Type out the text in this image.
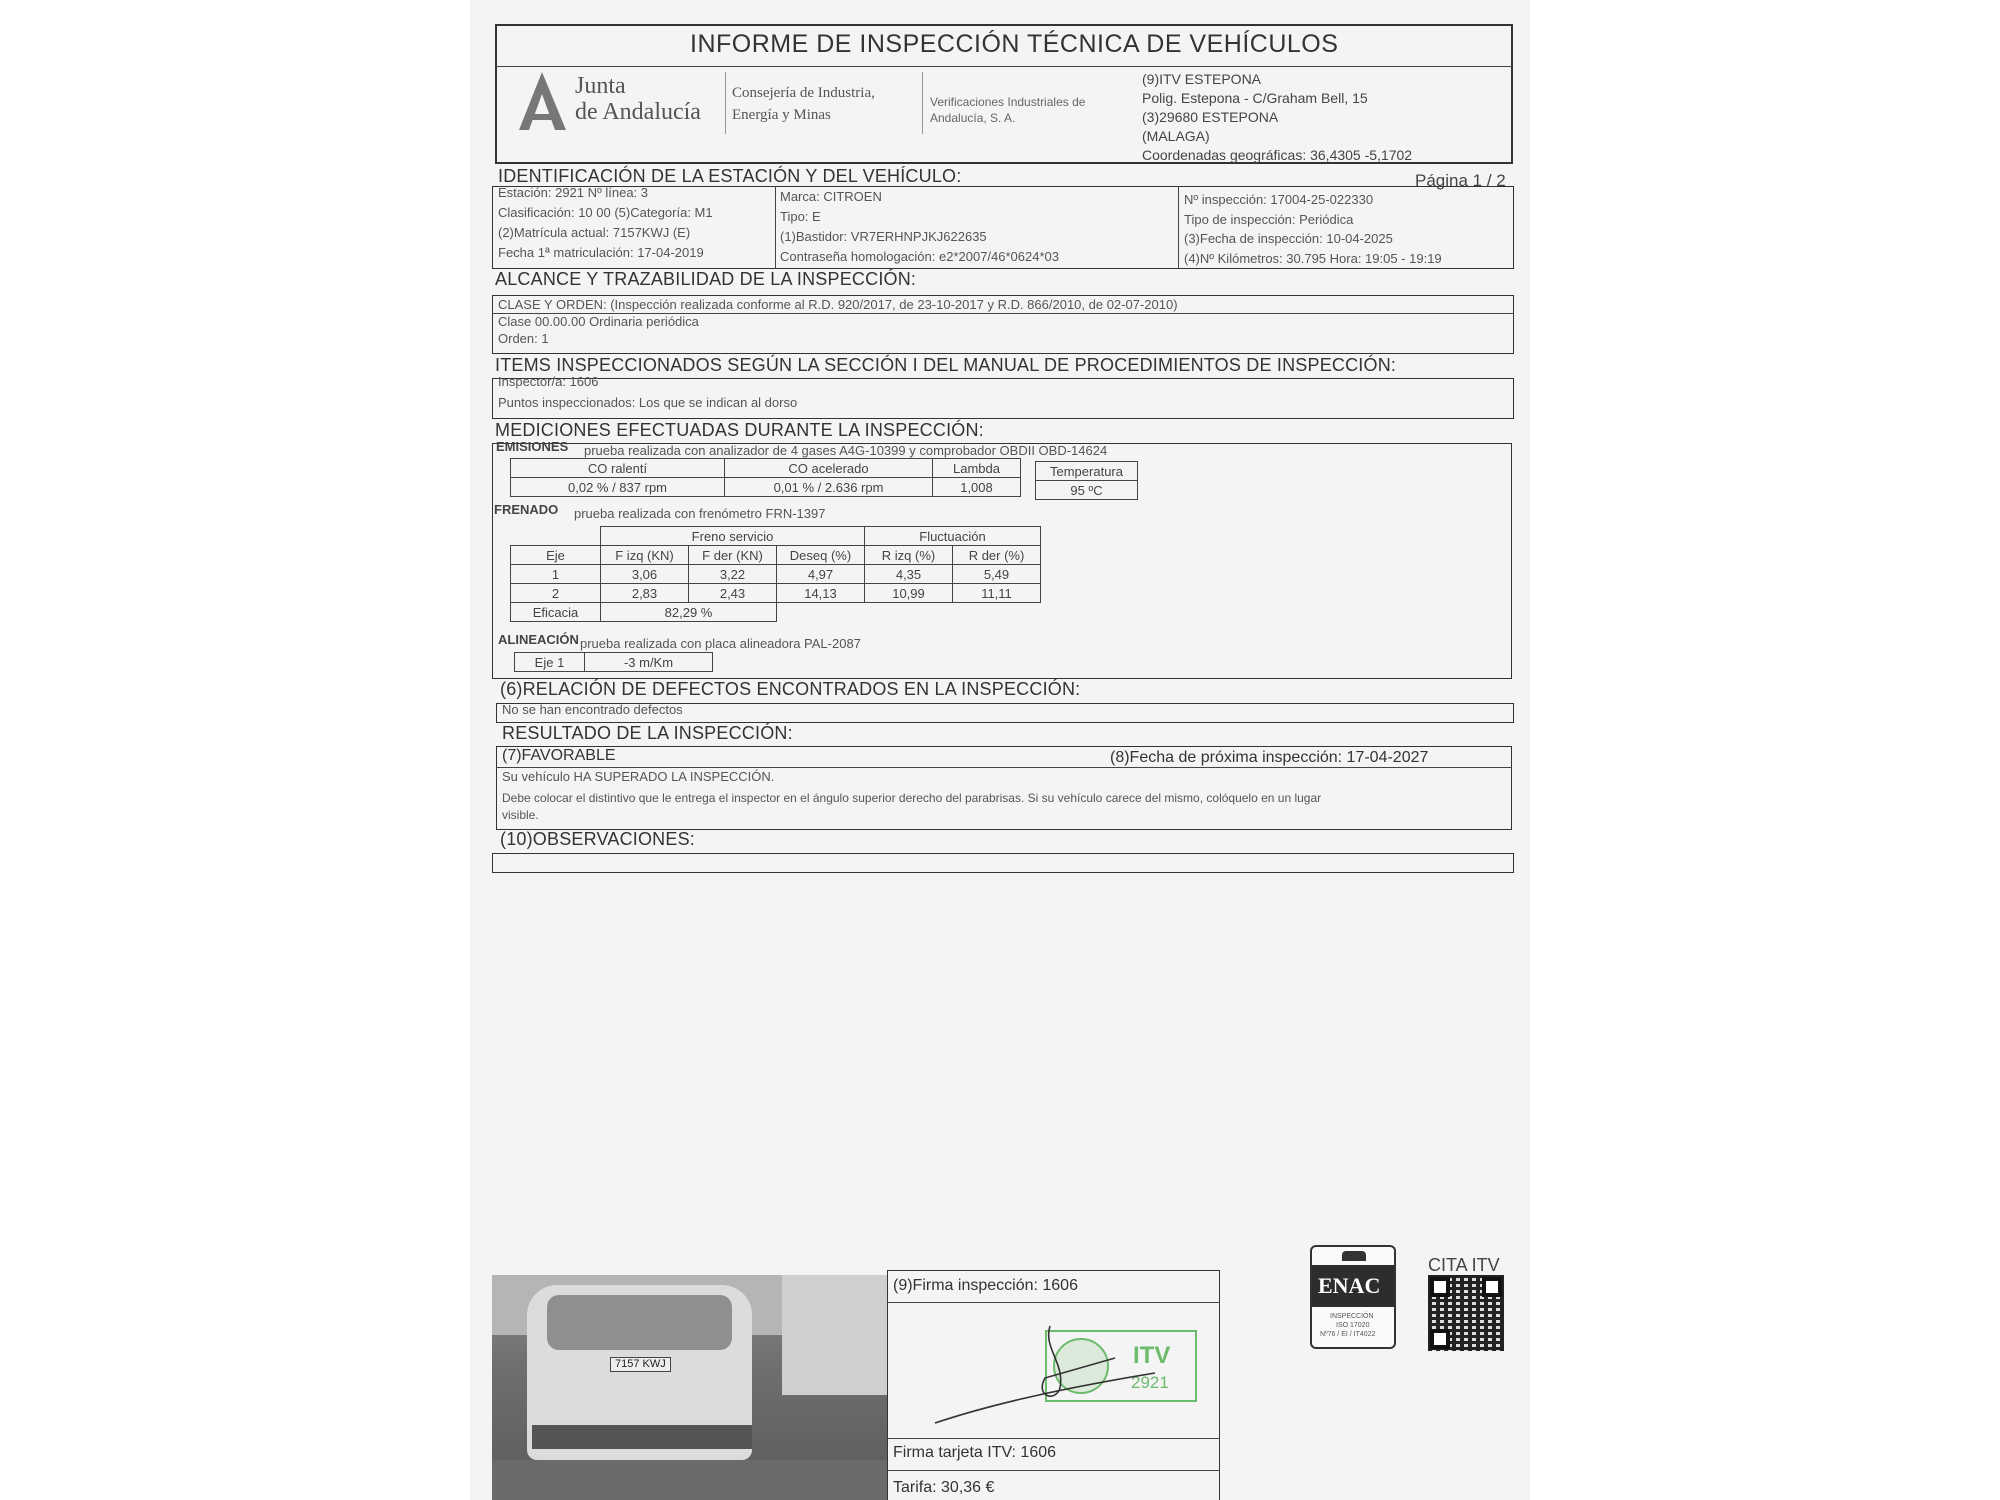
INFORME DE INSPECCIÓN TÉCNICA DE VEHÍCULOS
Junta
de Andalucía
Consejería de Industria,
Energía y Minas
Verificaciones Industriales de
Andalucía, S. A.
(9)ITV ESTEPONA
Polig. Estepona - C/Graham Bell, 15
(3)29680 ESTEPONA
(MALAGA)
Coordenadas geográficas: 36,4305 -5,1702
IDENTIFICACIÓN DE LA ESTACIÓN Y DEL VEHÍCULO:	Página 1 / 2
Estación: 2921 Nº línea: 3
Clasificación: 10 00 (5)Categoría: M1
(2)Matrícula actual: 7157KWJ (E)
Fecha 1ª matriculación: 17-04-2019
Marca: CITROEN
Tipo: E
(1)Bastidor: VR7ERHNPJKJ622635
Contraseña homologación: e2*2007/46*0624*03
Nº inspección: 17004-25-022330
Tipo de inspección: Periódica
(3)Fecha de inspección: 10-04-2025
(4)Nº Kilómetros: 30.795 Hora: 19:05 - 19:19
ALCANCE Y TRAZABILIDAD DE LA INSPECCIÓN:
CLASE Y ORDEN: (Inspección realizada conforme al R.D. 920/2017, de 23-10-2017 y R.D. 866/2010, de 02-07-2010)
Clase 00.00.00 Ordinaria periódica
Orden: 1
ITEMS INSPECCIONADOS SEGÚN LA SECCIÓN I DEL MANUAL DE PROCEDIMIENTOS DE INSPECCIÓN:
Inspector/a: 1606
Puntos inspeccionados: Los que se indican al dorso
MEDICIONES EFECTUADAS DURANTE LA INSPECCIÓN:
EMISIONES prueba realizada con analizador de 4 gases A4G-10399 y comprobador OBDII OBD-14624
CO ralentí	CO acelerado	Lambda
0,02 % / 837 rpm	0,01 % / 2.636 rpm	1,008
Temperatura
95 ºC
FRENADO prueba realizada con frenómetro FRN-1397
	Freno servicio			Fluctuación	
Eje	F izq (KN)	F der (KN)	Deseq (%)	R izq (%)	R der (%)
1	3,06	3,22	4,97	4,35	5,49
2	2,83	2,43	14,13	10,99	11,11
Eficacia	82,29 %				
ALINEACIÓN prueba realizada con placa alineadora PAL-2087
Eje 1	-3 m/Km
(6)RELACIÓN DE DEFECTOS ENCONTRADOS EN LA INSPECCIÓN:
No se han encontrado defectos
RESULTADO DE LA INSPECCIÓN:
(7)FAVORABLE	(8)Fecha de próxima inspección: 17-04-2027
Su vehículo HA SUPERADO LA INSPECCIÓN.
Debe colocar el distintivo que le entrega el inspector en el ángulo superior derecho del parabrisas. Si su vehículo carece del mismo, colóquelo en un lugar
visible.
(10)OBSERVACIONES:
ENAC
INSPECCIÓN
ISO 17020
Nº76 / EI / IT4022
CITA ITV
7157 KWJ
(9)Firma inspección: 1606
ITV
2921
Firma tarjeta ITV: 1606
Tarifa: 30,36 €
